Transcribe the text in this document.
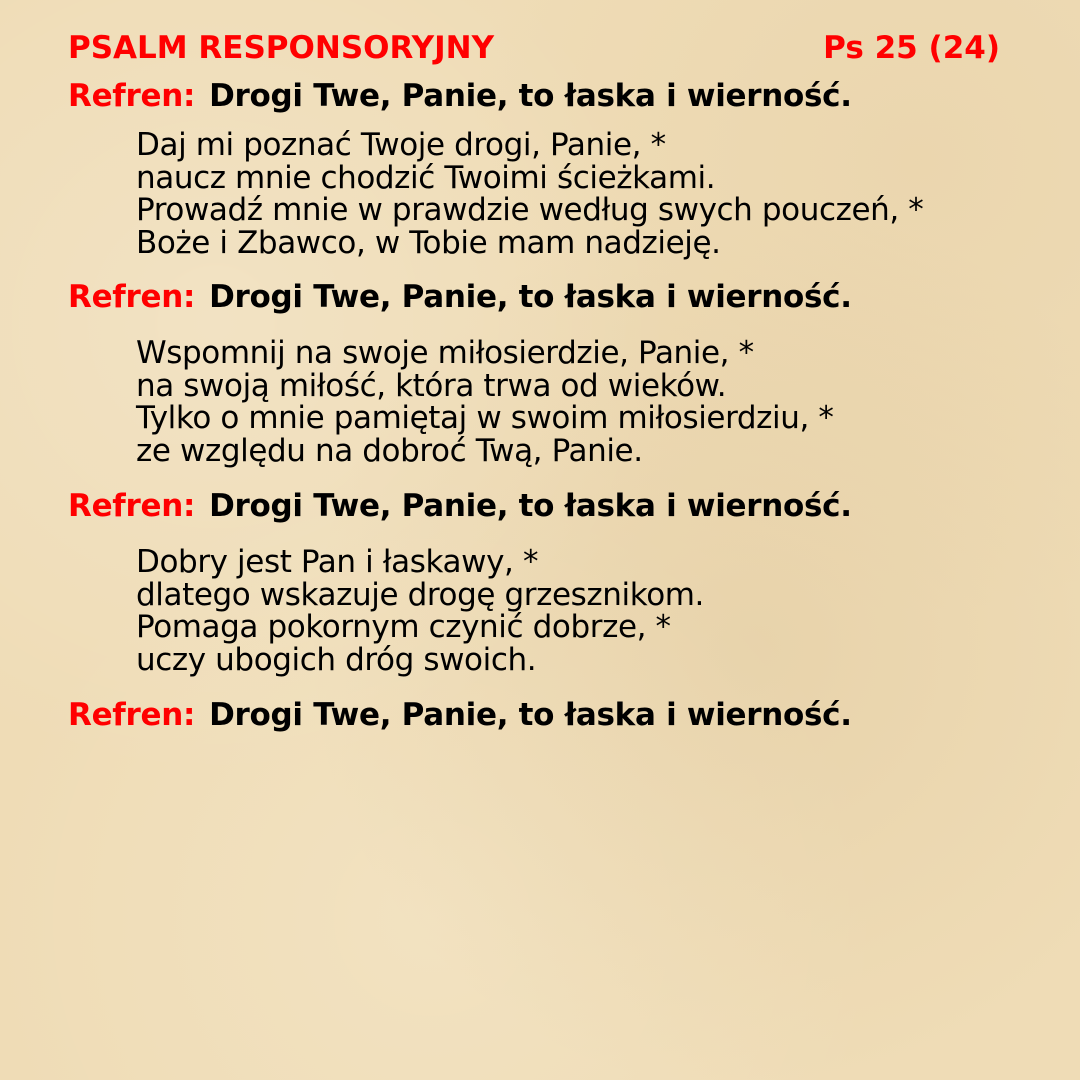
PSALM RESPONSORYJNY	Ps 25 (24)
Refren: Drogi Twe, Panie, to łaska i wierność.
Daj mi poznać Twoje drogi, Panie, *
naucz mnie chodzić Twoimi ścieżkami.
Prowadź mnie w prawdzie według swych pouczeń, *
Boże i Zbawco, w Tobie mam nadzieję.
Refren: Drogi Twe, Panie, to łaska i wierność.
Wspomnij na swoje miłosierdzie, Panie, *
na swoją miłość, która trwa od wieków.
Tylko o mnie pamiętaj w swoim miłosierdziu, *
ze względu na dobroć Twą, Panie.
Refren: Drogi Twe, Panie, to łaska i wierność.
Dobry jest Pan i łaskawy, *
dlatego wskazuje drogę grzesznikom.
Pomaga pokornym czynić dobrze, *
uczy ubogich dróg swoich.
Refren: Drogi Twe, Panie, to łaska i wierność.
